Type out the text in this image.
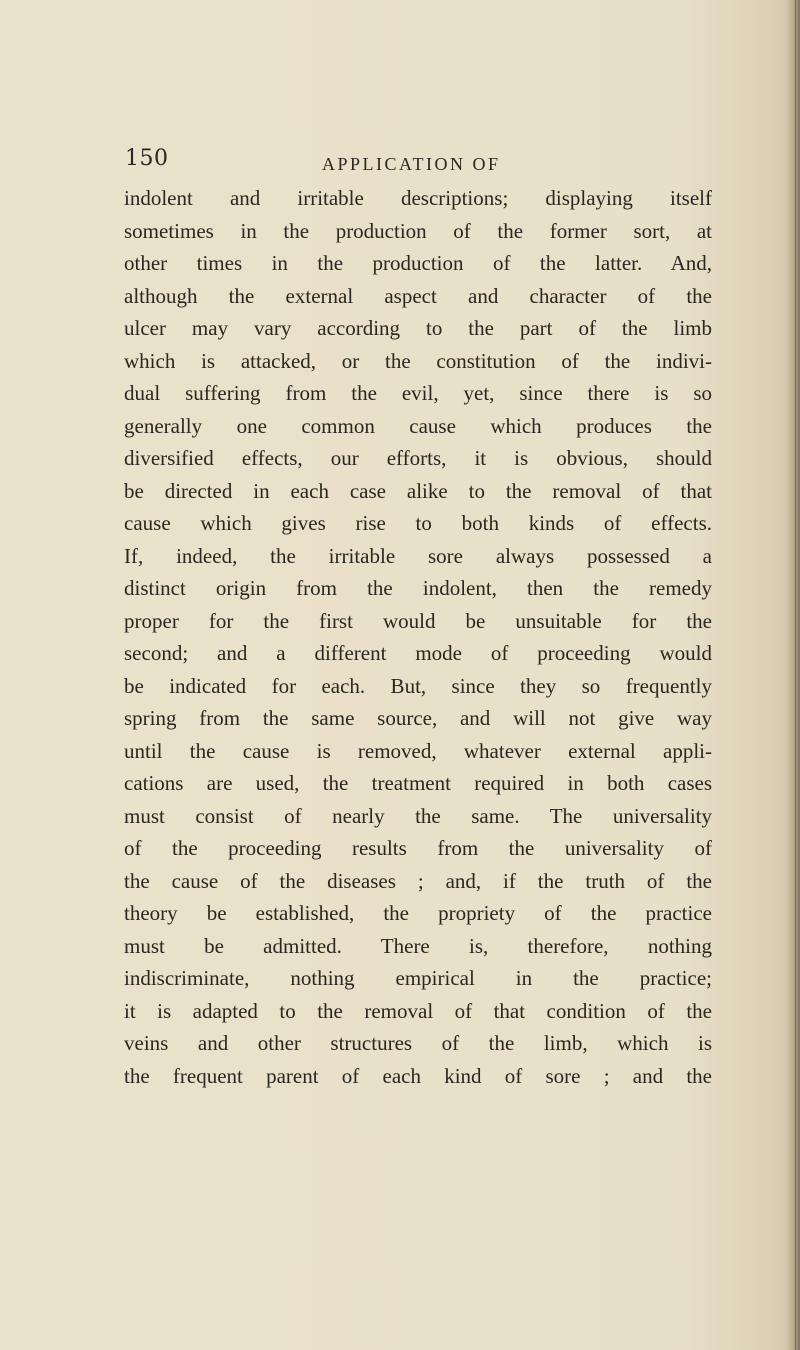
150	APPLICATION OF
indolent and irritable descriptions; displaying itself
sometimes in the production of the former sort, at
other times in the production of the latter. And,
although the external aspect and character of the
ulcer may vary according to the part of the limb
which is attacked, or the constitution of the indivi-
dual suffering from the evil, yet, since there is so
generally one common cause which produces the
diversified effects, our efforts, it is obvious, should
be directed in each case alike to the removal of that
cause which gives rise to both kinds of effects.
If, indeed, the irritable sore always possessed a
distinct origin from the indolent, then the remedy
proper for the first would be unsuitable for the
second; and a different mode of proceeding would
be indicated for each. But, since they so frequently
spring from the same source, and will not give way
until the cause is removed, whatever external appli-
cations are used, the treatment required in both cases
must consist of nearly the same. The universality
of the proceeding results from the universality of
the cause of the diseases ; and, if the truth of the
theory be established, the propriety of the practice
must be admitted. There is, therefore, nothing
indiscriminate, nothing empirical in the practice;
it is adapted to the removal of that condition of the
veins and other structures of the limb, which is
the frequent parent of each kind of sore ; and the
